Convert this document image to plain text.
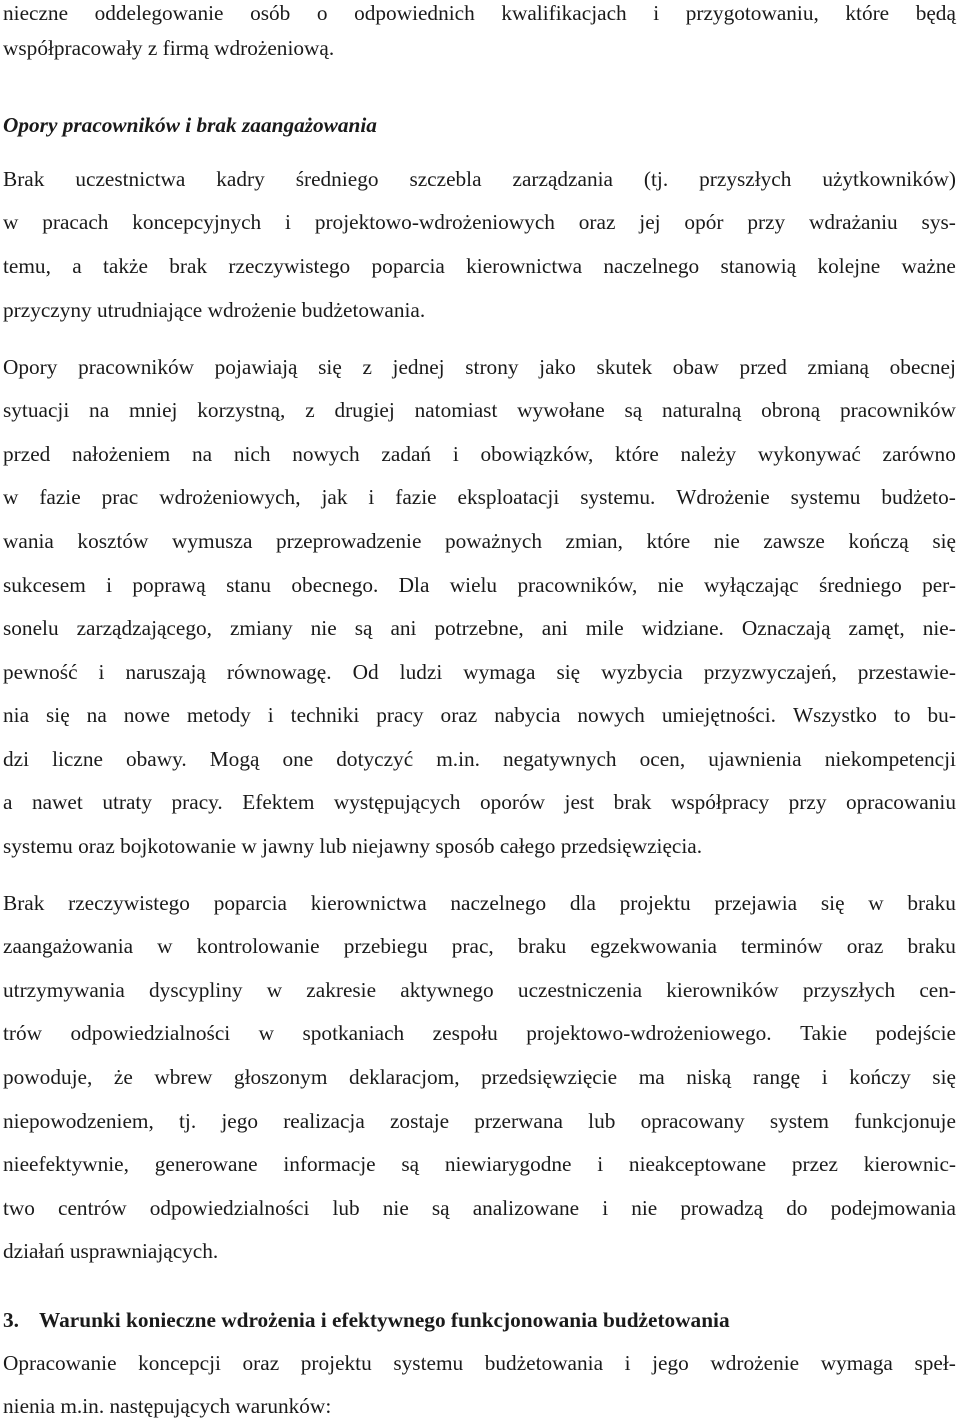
nieczne oddelegowanie osób o odpowiednich kwalifikacjach i przygotowaniu, które będą
współpracowały z firmą wdrożeniową.
Opory pracowników i brak zaangażowania
Brak uczestnictwa kadry średniego szczebla zarządzania (tj. przyszłych użytkowników)
w pracach koncepcyjnych i projektowo-wdrożeniowych oraz jej opór przy wdrażaniu sys-
temu, a także brak rzeczywistego poparcia kierownictwa naczelnego stanowią kolejne ważne
przyczyny utrudniające wdrożenie budżetowania.
Opory pracowników pojawiają się z jednej strony jako skutek obaw przed zmianą obecnej
sytuacji na mniej korzystną, z drugiej natomiast wywołane są naturalną obroną pracowników
przed nałożeniem na nich nowych zadań i obowiązków, które należy wykonywać zarówno
w fazie prac wdrożeniowych, jak i fazie eksploatacji systemu. Wdrożenie systemu budżeto-
wania kosztów wymusza przeprowadzenie poważnych zmian, które nie zawsze kończą się
sukcesem i poprawą stanu obecnego. Dla wielu pracowników, nie wyłączając średniego per-
sonelu zarządzającego, zmiany nie są ani potrzebne, ani mile widziane. Oznaczają zamęt, nie-
pewność i naruszają równowagę. Od ludzi wymaga się wyzbycia przyzwyczajeń, przestawie-
nia się na nowe metody i techniki pracy oraz nabycia nowych umiejętności. Wszystko to bu-
dzi liczne obawy. Mogą one dotyczyć m.in. negatywnych ocen, ujawnienia niekompetencji
a nawet utraty pracy. Efektem występujących oporów jest brak współpracy przy opracowaniu
systemu oraz bojkotowanie w jawny lub niejawny sposób całego przedsięwzięcia.
Brak rzeczywistego poparcia kierownictwa naczelnego dla projektu przejawia się w braku
zaangażowania w kontrolowanie przebiegu prac, braku egzekwowania terminów oraz braku
utrzymywania dyscypliny w zakresie aktywnego uczestniczenia kierowników przyszłych cen-
trów odpowiedzialności w spotkaniach zespołu projektowo-wdrożeniowego. Takie podejście
powoduje, że wbrew głoszonym deklaracjom, przedsięwzięcie ma niską rangę i kończy się
niepowodzeniem, tj. jego realizacja zostaje przerwana lub opracowany system funkcjonuje
nieefektywnie, generowane informacje są niewiarygodne i nieakceptowane przez kierownic-
two centrów odpowiedzialności lub nie są analizowane i nie prowadzą do podejmowania
działań usprawniających.
3. Warunki konieczne wdrożenia i efektywnego funkcjonowania budżetowania
Opracowanie koncepcji oraz projektu systemu budżetowania i jego wdrożenie wymaga speł-
nienia m.in. następujących warunków:
